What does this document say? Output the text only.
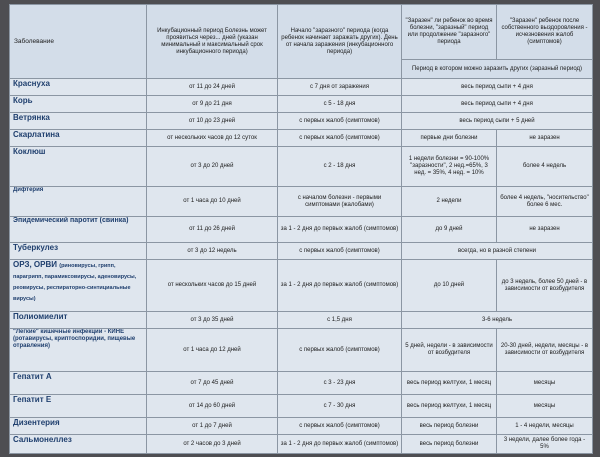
Заболевание	Инкубационный период Болезнь может проявиться через... дней (указан минимальный и максимальный срок инкубационного периода)	Начало "заразного" периода (когда ребенок начинает заражать других). День от начала заражения (инкубационного периода)	"Заразен" ли ребенок во время болезни, "заразный" период или продолжение "заразного" периода	"Заразен" ребенок после собственного выздоровления - исчезновения жалоб (симптомов)
			Период в котором можно заразить других (заразный период)	
Краснуха	от 11 до 24 дней	с 7 дня от заражения	весь период сыпи + 4 дня	
Корь	от 9 до 21 дня	с 5 - 18 дня	весь период сыпи + 4 дня	
Ветрянка	от 10 до 23 дней	с первых жалоб (симптомов)	весь период сыпи + 5 дней	
Скарлатина	от нескольких часов до 12 суток	с первых жалоб (симптомов)	первые дни болезни	не заразен
Коклюш	от 3 до 20 дней	с 2 - 18 дня	1 недели болезни = 90-100% "заразности", 2 нед.=65%, 3 нед. = 35%, 4 нед. = 10%	более 4 недель
Дифтерия	от 1 часа до 10 дней	с началом болезни - первыми симптомами (жалобами)	2 недели	более 4 недель, "носительство" более 6 мес.
Эпидемический паротит (свинка)	от 11 до 26 дней	за 1 - 2 дня до первых жалоб (симптомов)	до 9 дней	не заразен
Туберкулез	от 3 до 12 недель	с первых жалоб (симптомов)	всегда, но в разной степени	
ОРЗ, ОРВИ (риновирусы, грипп, парагрипп, парамиксовирусы, аденовирусы, реовирусы, респираторно-синтициальные вирусы)	от нескольких часов до 15 дней	за 1 - 2 дня до первых жалоб (симптомов)	до 10 дней	до 3 недель, более 50 дней - в зависимости от возбудителя
Полиомиелит	от 3 до 35 дней	с 1,5 дня	3-6 недель	
"Легкие" кишечные инфекции - КИНЕ (ротавирусы, криптоспоридии, пищевые отравления)	от 1 часа до 12 дней	с первых жалоб (симптомов)	5 дней, недели - в зависимости от возбудителя	20-30 дней, недели, месяцы - в зависимости от возбудителя
Гепатит А	от 7 до 45 дней	с 3 - 23 дня	весь период желтухи, 1 месяц	месяцы
Гепатит Е	от 14 до 60 дней	с 7 - 30 дня	весь период желтухи, 1 месяц	месяцы
Дизентерия	от 1 до 7 дней	с первых жалоб (симптомов)	весь период болезни	1 - 4 недели, месяцы
Сальмонеллез	от 2 часов до 3 дней	за 1 - 2 дня до первых жалоб (симптомов)	весь период болезни	3 недели, далее более года - 5%
